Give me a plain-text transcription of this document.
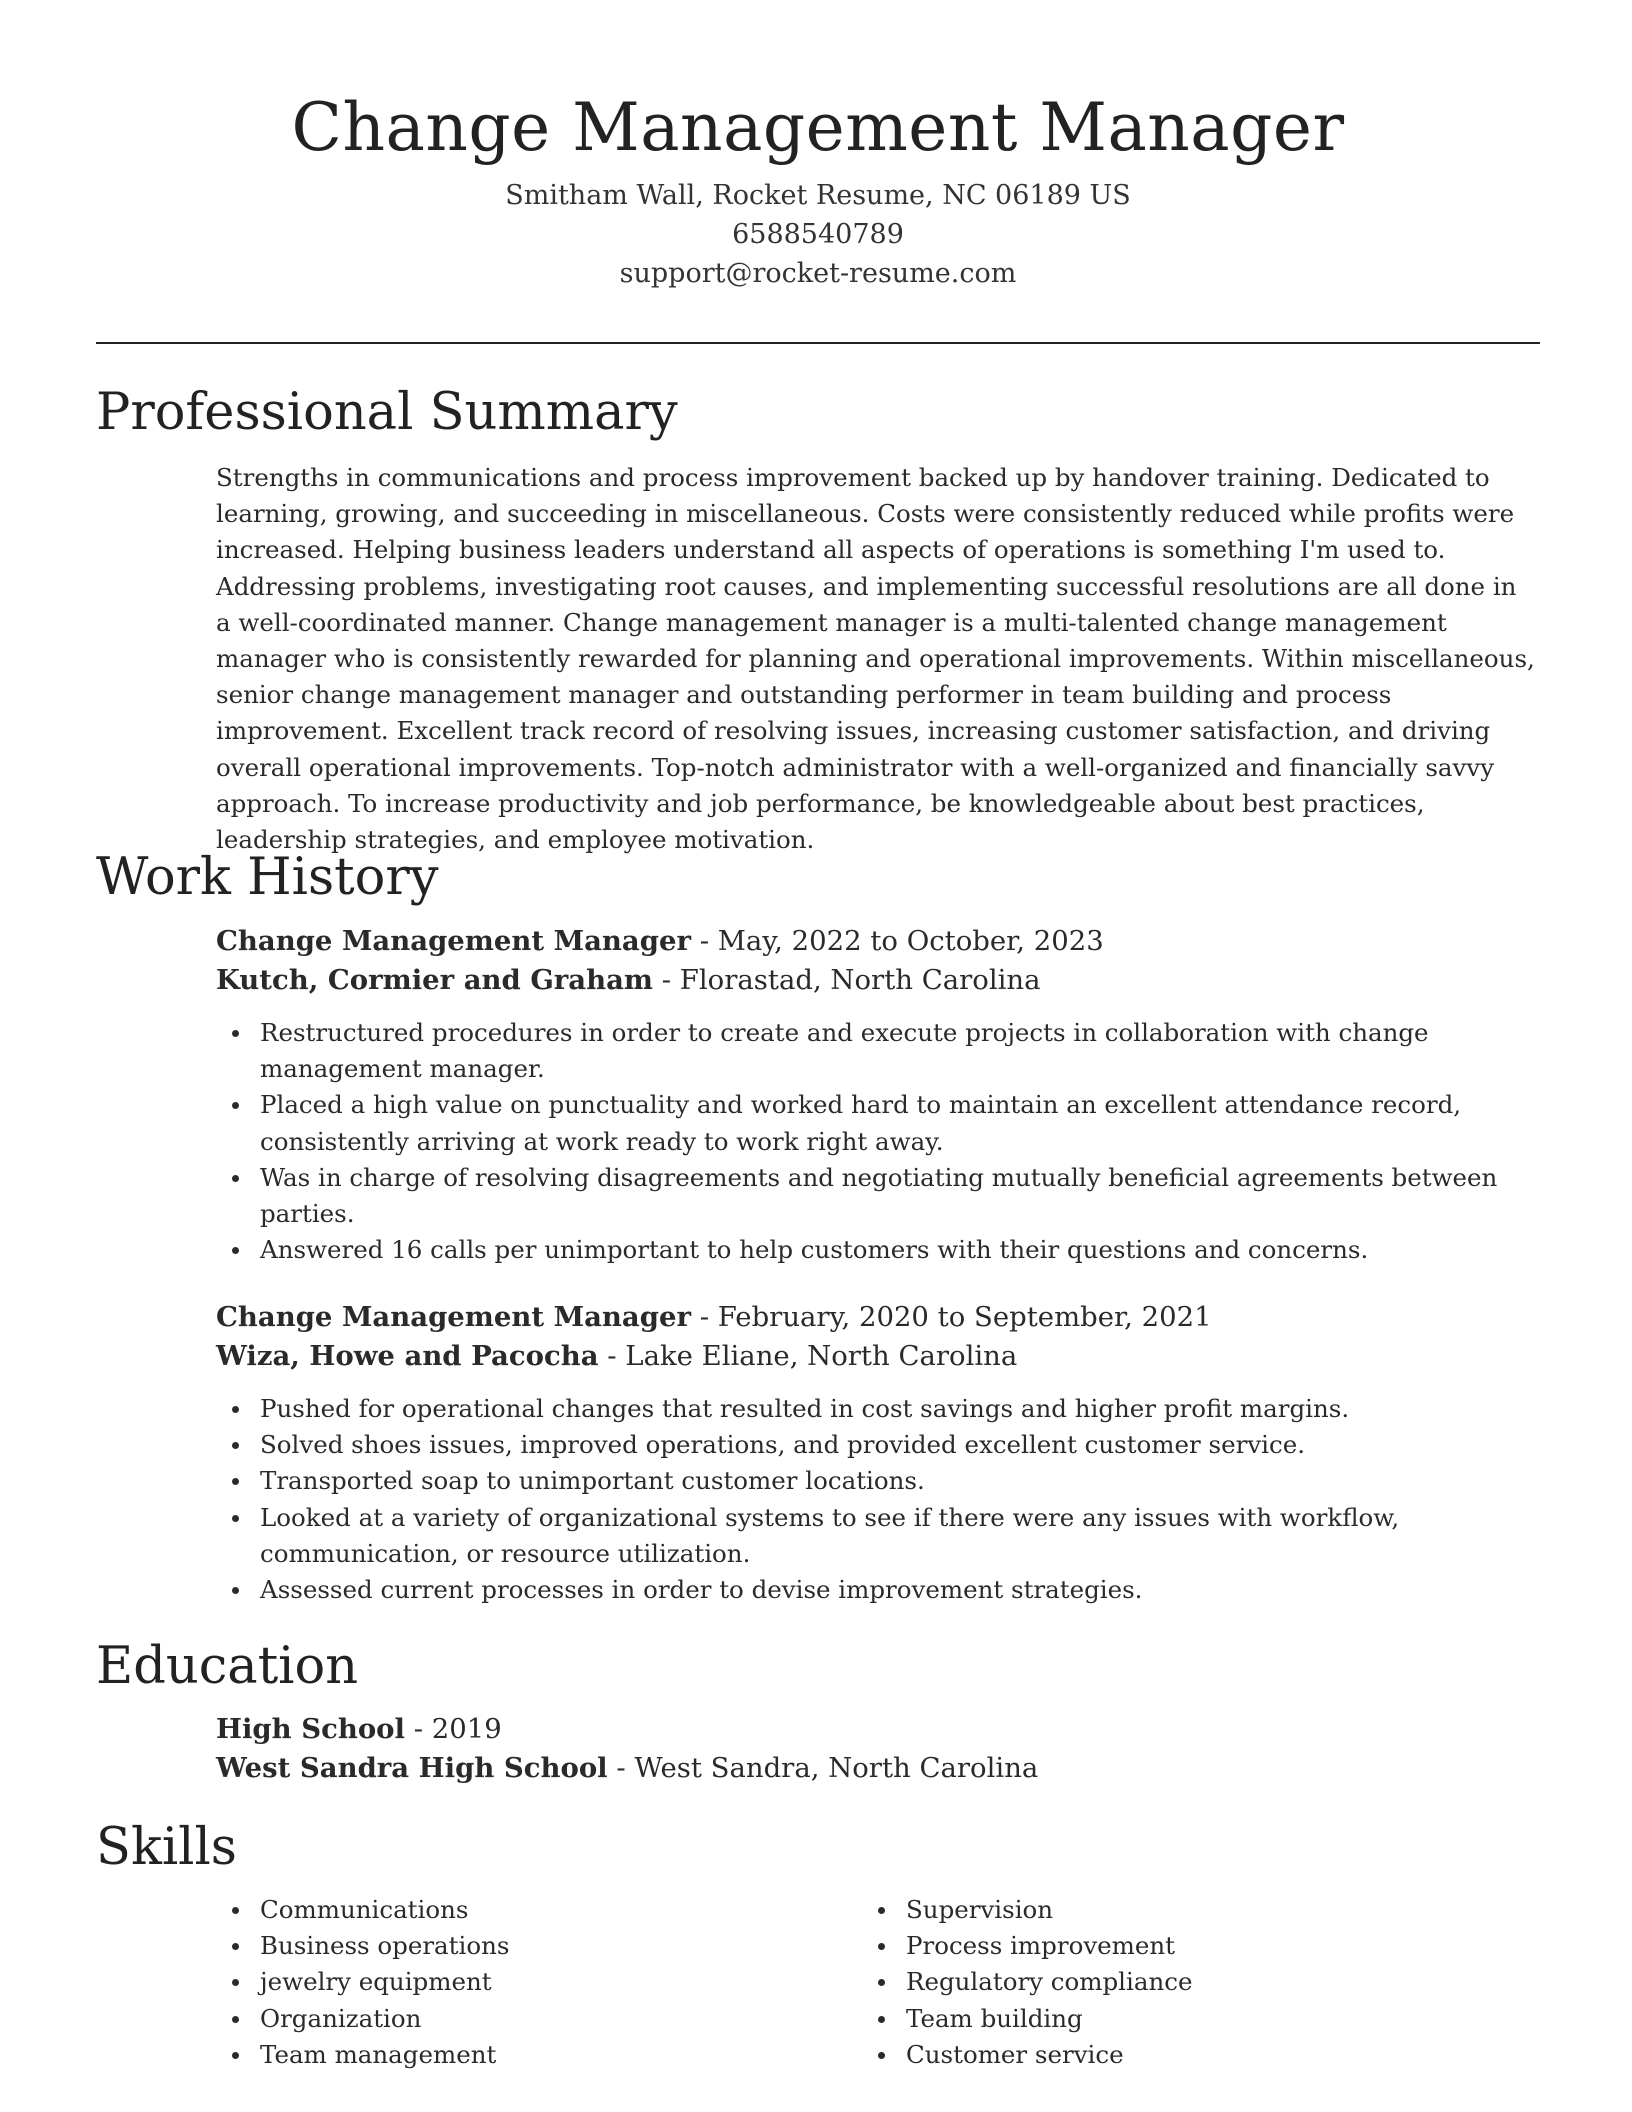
Change Management Manager
Smitham Wall, Rocket Resume, NC 06189 US
6588540789
support@rocket-resume.com
Professional Summary

Strengths in communications and process improvement backed up by handover training. Dedicated to learning, growing, and succeeding in miscellaneous. Costs were consistently reduced while profits were increased. Helping business leaders understand all aspects of operations is something I'm used to. Addressing problems, investigating root causes, and implementing successful resolutions are all done in a well-coordinated manner. Change management manager is a multi-talented change management manager who is consistently rewarded for planning and operational improvements. Within miscellaneous, senior change management manager and outstanding performer in team building and process improvement. Excellent track record of resolving issues, increasing customer satisfaction, and driving overall operational improvements. Top-notch administrator with a well-organized and financially savvy approach. To increase productivity and job performance, be knowledgeable about best practices, leadership strategies, and employee motivation.

Work History
Change Management Manager - May, 2022 to October, 2023
Kutch, Cormier and Graham - Florastad, North Carolina
Restructured procedures in order to create and execute projects in collaboration with change management manager.
Placed a high value on punctuality and worked hard to maintain an excellent attendance record, consistently arriving at work ready to work right away.
Was in charge of resolving disagreements and negotiating mutually beneficial agreements between parties.
Answered 16 calls per unimportant to help customers with their questions and concerns.
Change Management Manager - February, 2020 to September, 2021
Wiza, Howe and Pacocha - Lake Eliane, North Carolina
Pushed for operational changes that resulted in cost savings and higher profit margins.
Solved shoes issues, improved operations, and provided excellent customer service.
Transported soap to unimportant customer locations.
Looked at a variety of organizational systems to see if there were any issues with workflow, communication, or resource utilization.
Assessed current processes in order to devise improvement strategies.
Education
High School - 2019
West Sandra High School - West Sandra, North Carolina
Skills
Communications
Business operations
jewelry equipment
Organization
Team management
Supervision
Process improvement
Regulatory compliance
Team building
Customer service
